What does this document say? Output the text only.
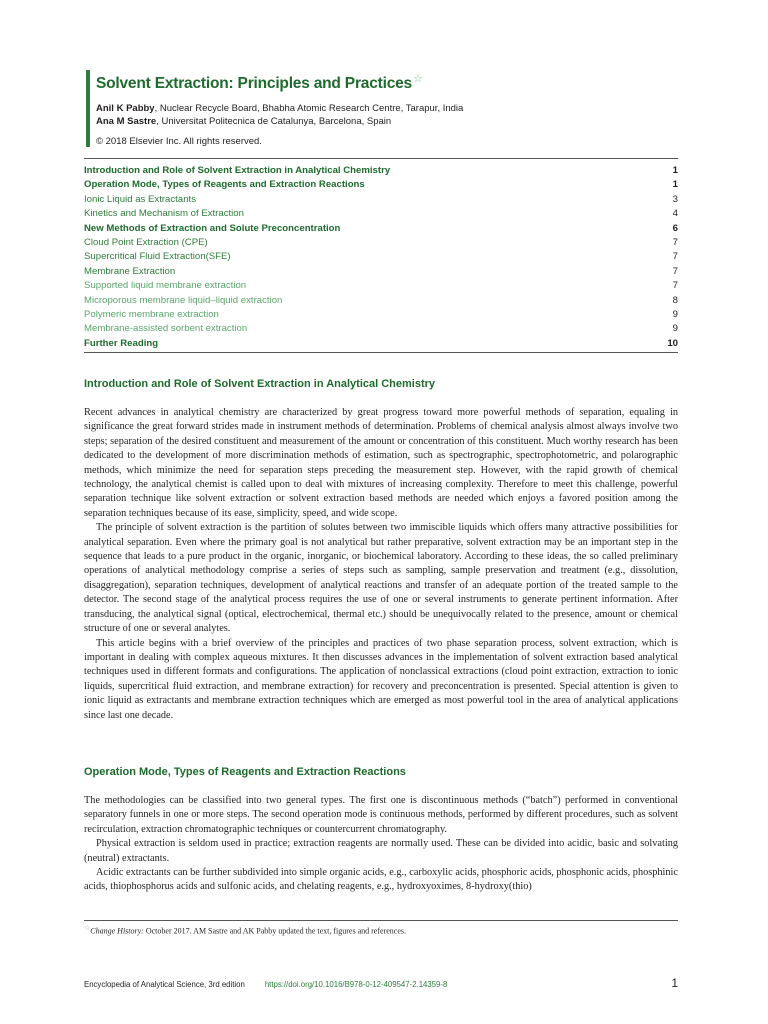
Solvent Extraction: Principles and Practices☆
Anil K Pabby, Nuclear Recycle Board, Bhabha Atomic Research Centre, Tarapur, India
Ana M Sastre, Universitat Politecnica de Catalunya, Barcelona, Spain
© 2018 Elsevier Inc. All rights reserved.
Introduction and Role of Solvent Extraction in Analytical Chemistry	1
Operation Mode, Types of Reagents and Extraction Reactions	1
Ionic Liquid as Extractants	3
Kinetics and Mechanism of Extraction	4
New Methods of Extraction and Solute Preconcentration	6
Cloud Point Extraction (CPE)	7
Supercritical Fluid Extraction(SFE)	7
Membrane Extraction	7
Supported liquid membrane extraction	7
Microporous membrane liquid–liquid extraction	8
Polymeric membrane extraction	9
Membrane-assisted sorbent extraction	9
Further Reading	10
Introduction and Role of Solvent Extraction in Analytical Chemistry

Recent advances in analytical chemistry are characterized by great progress toward more powerful methods of separation, equaling in significance the great forward strides made in instrument methods of determination. Problems of chemical analysis almost always involve two steps; separation of the desired constituent and measurement of the amount or concentration of this constituent. Much worthy research has been dedicated to the development of more discrimination methods of estimation, such as spectrographic, spectrophotometric, and polarographic methods, which minimize the need for separation steps preceding the measurement step. However, with the rapid growth of chemical technology, the analytical chemist is called upon to deal with mixtures of increasing complexity. Therefore to meet this challenge, powerful separation technique like solvent extraction or solvent extraction based methods are needed which enjoys a favored position among the separation techniques because of its ease, simplicity, speed, and wide scope.

The principle of solvent extraction is the partition of solutes between two immiscible liquids which offers many attractive possibilities for analytical separation. Even where the primary goal is not analytical but rather preparative, solvent extraction may be an important step in the sequence that leads to a pure product in the organic, inorganic, or biochemical laboratory. According to these ideas, the so called preliminary operations of analytical methodology comprise a series of steps such as sampling, sample preservation and treatment (e.g., dissolution, disaggregation), separation techniques, development of analytical reactions and transfer of an adequate portion of the treated sample to the detector. The second stage of the analytical process requires the use of one or several instruments to generate pertinent information. After transducing, the analytical signal (optical, electrochemical, thermal etc.) should be unequivocally related to the presence, amount or chemical structure of one or several analytes.

This article begins with a brief overview of the principles and practices of two phase separation process, solvent extraction, which is important in dealing with complex aqueous mixtures. It then discusses advances in the implementation of solvent extraction based analytical techniques used in different formats and configurations. The application of nonclassical extractions (cloud point extraction, extraction to ionic liquids, supercritical fluid extraction, and membrane extraction) for recovery and preconcentration is presented. Special attention is given to ionic liquid as extractants and membrane extraction techniques which are emerged as most powerful tool in the area of analytical applications since last one decade.

Operation Mode, Types of Reagents and Extraction Reactions

The methodologies can be classified into two general types. The first one is discontinuous methods (“batch”) performed in conventional separatory funnels in one or more steps. The second operation mode is continuous methods, performed by different procedures, such as solvent recirculation, extraction chromatographic techniques or countercurrent chromatography.

Physical extraction is seldom used in practice; extraction reagents are normally used. These can be divided into acidic, basic and solvating (neutral) extractants.

Acidic extractants can be further subdivided into simple organic acids, e.g., carboxylic acids, phosphoric acids, phosphonic acids, phosphinic acids, thiophosphorus acids and sulfonic acids, and chelating reagents, e.g., hydroxyoximes, 8-hydroxy(thio)

☆Change History: October 2017. AM Sastre and AK Pabby updated the text, figures and references.
Encyclopedia of Analytical Science, 3rd edition	https://doi.org/10.1016/B978-0-12-409547-2.14359-8	1
